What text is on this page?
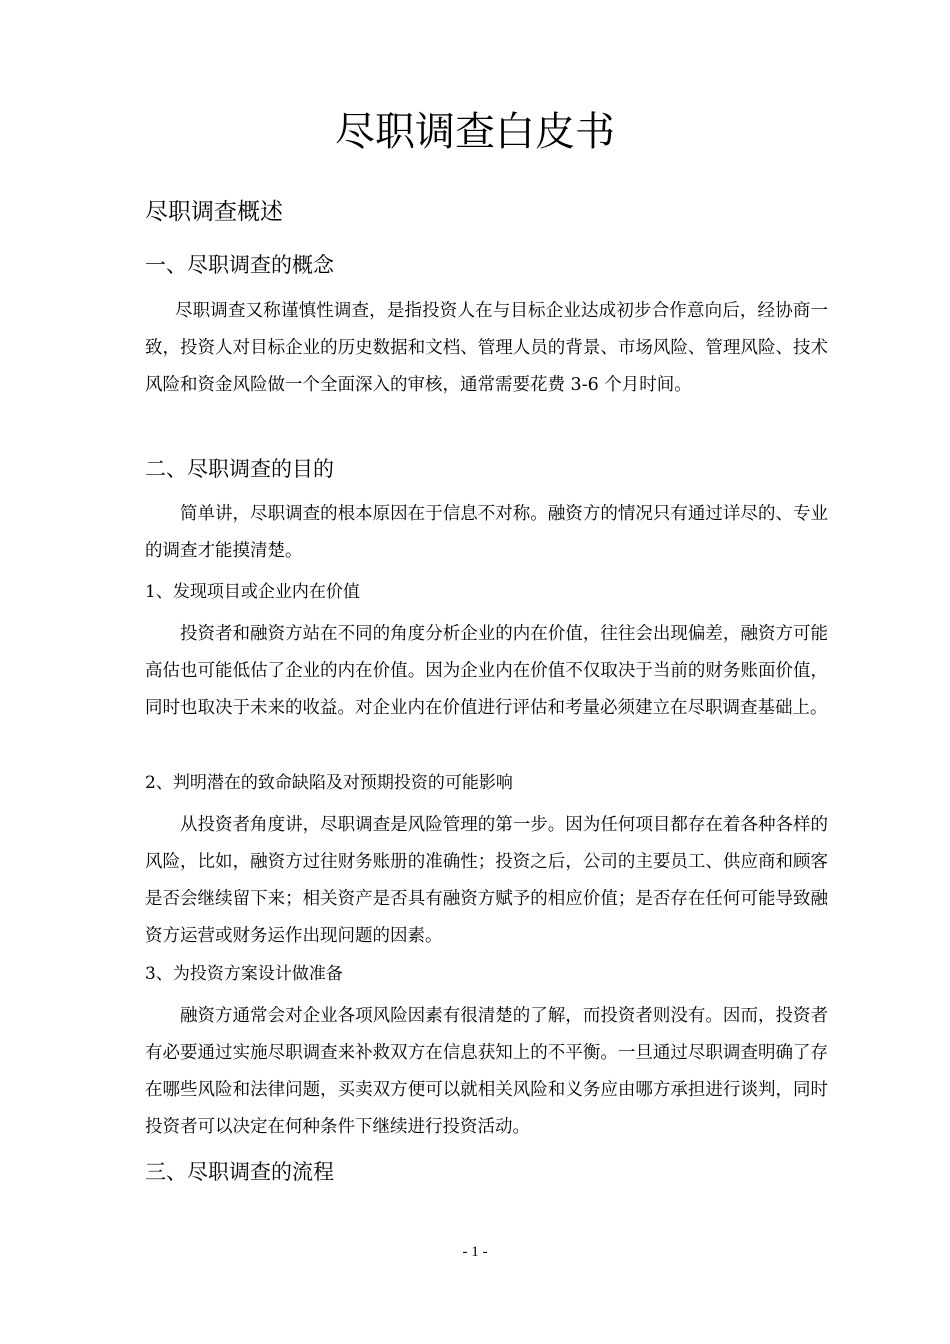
尽职调查白皮书
尽职调查概述
一、尽职调查的概念
尽职调查又称谨慎性调查，是指投资人在与目标企业达成初步合作意向后，经协商一致，投资人对目标企业的历史数据和文档、管理人员的背景、市场风险、管理风险、技术风险和资金风险做一个全面深入的审核，通常需要花费 3-6 个月时间。
二、尽职调查的目的
简单讲，尽职调查的根本原因在于信息不对称。融资方的情况只有通过详尽的、专业的调查才能摸清楚。
1、发现项目或企业内在价值
投资者和融资方站在不同的角度分析企业的内在价值，往往会出现偏差，融资方可能高估也可能低估了企业的内在价值。因为企业内在价值不仅取决于当前的财务账面价值，同时也取决于未来的收益。对企业内在价值进行评估和考量必须建立在尽职调查基础上。
2、判明潜在的致命缺陷及对预期投资的可能影响
从投资者角度讲，尽职调查是风险管理的第一步。因为任何项目都存在着各种各样的风险，比如，融资方过往财务账册的准确性；投资之后，公司的主要员工、供应商和顾客是否会继续留下来；相关资产是否具有融资方赋予的相应价值；是否存在任何可能导致融资方运营或财务运作出现问题的因素。
3、为投资方案设计做准备
融资方通常会对企业各项风险因素有很清楚的了解，而投资者则没有。因而，投资者有必要通过实施尽职调查来补救双方在信息获知上的不平衡。一旦通过尽职调查明确了存在哪些风险和法律问题，买卖双方便可以就相关风险和义务应由哪方承担进行谈判，同时投资者可以决定在何种条件下继续进行投资活动。
三、尽职调查的流程
- 1 -
